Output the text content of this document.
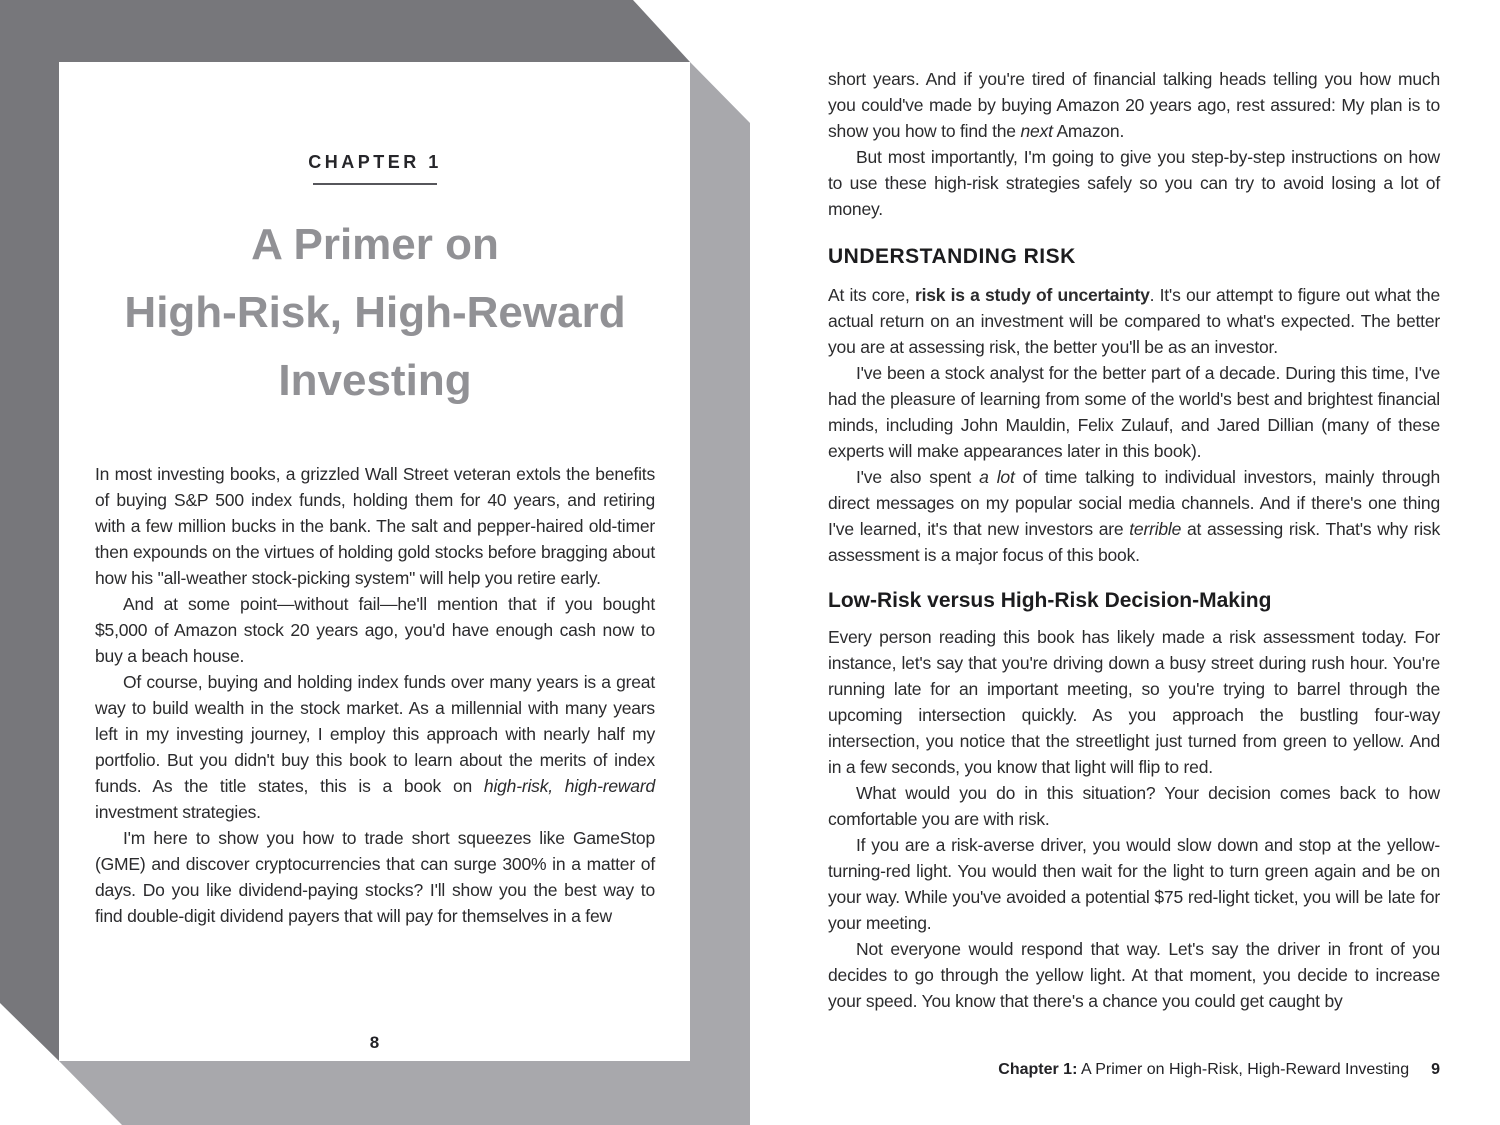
CHAPTER 1
A Primer on
High-Risk, High-Reward
Investing

In most investing books, a grizzled Wall Street veteran extols the benefits of buying S&P 500 index funds, holding them for 40 years, and retiring with a few million bucks in the bank. The salt and pepper-haired old-timer then expounds on the virtues of holding gold stocks before bragging about how his "all-weather stock-picking system" will help you retire early.

And at some point—without fail—he'll mention that if you bought $5,000 of Amazon stock 20 years ago, you'd have enough cash now to buy a beach house.

Of course, buying and holding index funds over many years is a great way to build wealth in the stock market. As a millennial with many years left in my investing journey, I employ this approach with nearly half my portfolio. But you didn't buy this book to learn about the merits of index funds. As the title states, this is a book on high-risk, high-reward investment strategies.

I'm here to show you how to trade short squeezes like GameStop (GME) and discover cryptocurrencies that can surge 300% in a matter of days. Do you like dividend-paying stocks? I'll show you the best way to find double-digit dividend payers that will pay for themselves in a few

8

short years. And if you're tired of financial talking heads telling you how much you could've made by buying Amazon 20 years ago, rest assured: My plan is to show you how to find the next Amazon.

But most importantly, I'm going to give you step-by-step instructions on how to use these high-risk strategies safely so you can try to avoid losing a lot of money.

UNDERSTANDING RISK

At its core, risk is a study of uncertainty. It's our attempt to figure out what the actual return on an investment will be compared to what's expected. The better you are at assessing risk, the better you'll be as an investor.

I've been a stock analyst for the better part of a decade. During this time, I've had the pleasure of learning from some of the world's best and brightest financial minds, including John Mauldin, Felix Zulauf, and Jared Dillian (many of these experts will make appearances later in this book).

I've also spent a lot of time talking to individual investors, mainly through direct messages on my popular social media channels. And if there's one thing I've learned, it's that new investors are terrible at assessing risk. That's why risk assessment is a major focus of this book.

Low-Risk versus High-Risk Decision-Making

Every person reading this book has likely made a risk assessment today. For instance, let's say that you're driving down a busy street during rush hour. You're running late for an important meeting, so you're trying to barrel through the upcoming intersection quickly. As you approach the bustling four-way intersection, you notice that the streetlight just turned from green to yellow. And in a few seconds, you know that light will flip to red.

What would you do in this situation? Your decision comes back to how comfortable you are with risk.

If you are a risk-averse driver, you would slow down and stop at the yellow-turning-red light. You would then wait for the light to turn green again and be on your way. While you've avoided a potential $75 red-light ticket, you will be late for your meeting.

Not everyone would respond that way. Let's say the driver in front of you decides to go through the yellow light. At that moment, you decide to increase your speed. You know that there's a chance you could get caught by

Chapter 1: A Primer on High-Risk, High-Reward Investing 9
